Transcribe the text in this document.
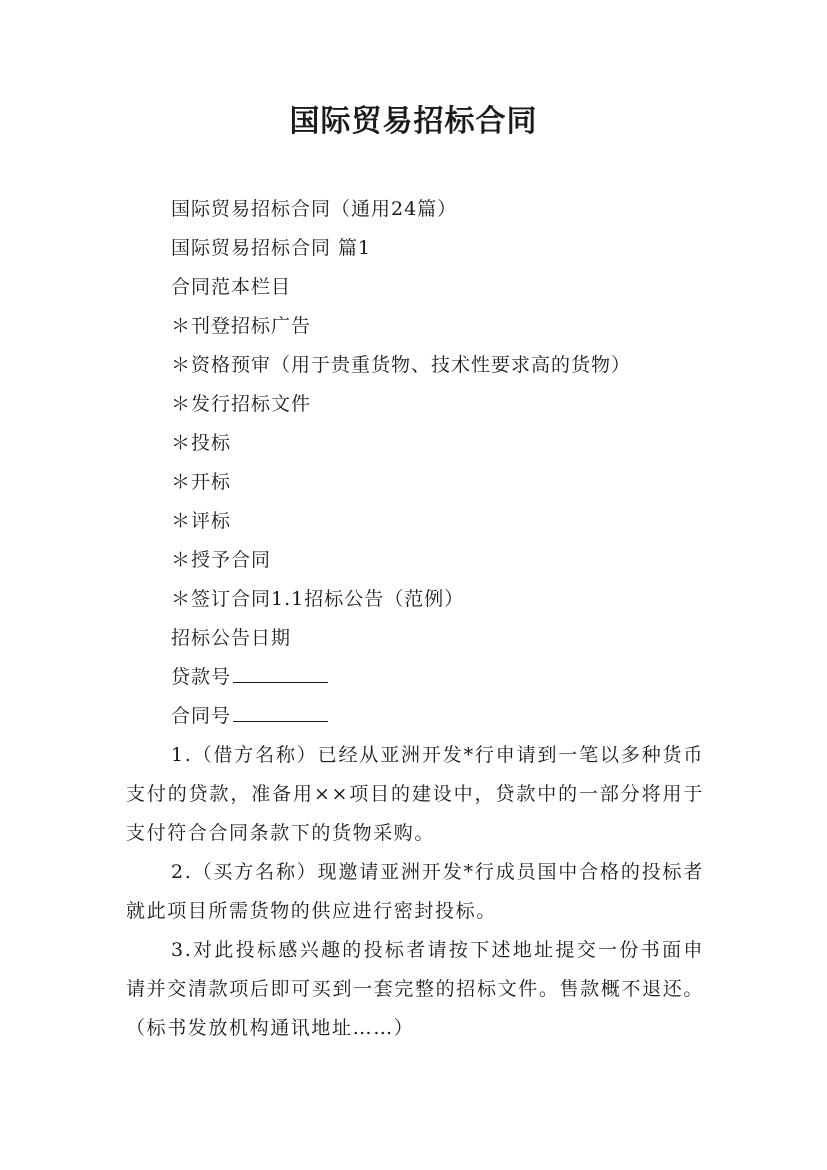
国际贸易招标合同

国际贸易招标合同（通用24篇）

国际贸易招标合同 篇1

合同范本栏目

＊刊登招标广告

＊资格预审（用于贵重货物、技术性要求高的货物）

＊发行招标文件

＊投标

＊开标

＊评标

＊授予合同

＊签订合同1.1招标公告（范例）

招标公告日期

贷款号

合同号

1.（借方名称）已经从亚洲开发*行申请到一笔以多种货币支付的贷款，准备用××项目的建设中，贷款中的一部分将用于支付符合合同条款下的货物采购。

2.（买方名称）现邀请亚洲开发*行成员国中合格的投标者就此项目所需货物的供应进行密封投标。

3.对此投标感兴趣的投标者请按下述地址提交一份书面申请并交清款项后即可买到一套完整的招标文件。售款概不退还。（标书发放机构通讯地址……）
